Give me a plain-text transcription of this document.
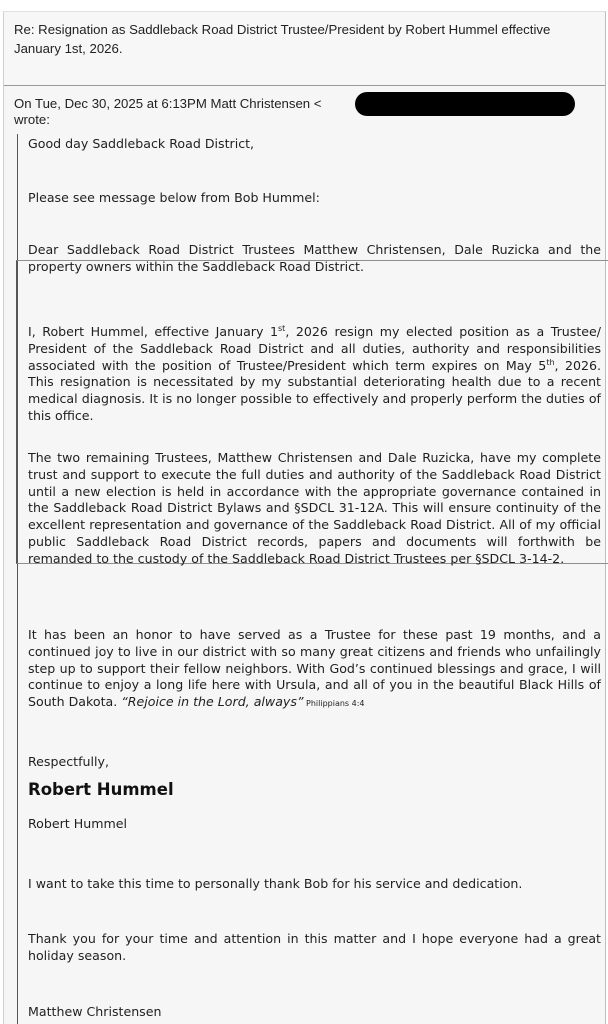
Re: Resignation as Saddleback Road District Trustee/President by Robert Hummel effective January 1st, 2026.
On Tue, Dec 30, 2025 at 6:13PM Matt Christensen <
wrote:
Good day Saddleback Road District,
Please see message below from Bob Hummel:
Dear Saddleback Road District Trustees Matthew Christensen, Dale Ruzicka and the property owners within the Saddleback Road District.
I, Robert Hummel, effective January 1st, 2026 resign my elected position as a Trustee/ President of the Saddleback Road District and all duties, authority and responsibilities associated with the position of Trustee/President which term expires on May 5th, 2026. This resignation is necessitated by my substantial deteriorating health due to a recent medical diagnosis. It is no longer possible to effectively and properly perform the duties of this office.
The two remaining Trustees, Matthew Christensen and Dale Ruzicka, have my complete trust and support to execute the full duties and authority of the Saddleback Road District until a new election is held in accordance with the appropriate governance contained in the Saddleback Road District Bylaws and §SDCL 31-12A. This will ensure continuity of the excellent representation and governance of the Saddleback Road District. All of my official public Saddleback Road District records, papers and documents will forthwith be remanded to the custody of the Saddleback Road District Trustees per §SDCL 3-14-2.
It has been an honor to have served as a Trustee for these past 19 months, and a continued joy to live in our district with so many great citizens and friends who unfailingly step up to support their fellow neighbors. With God’s continued blessings and grace, I will continue to enjoy a long life here with Ursula, and all of you in the beautiful Black Hills of South Dakota. “Rejoice in the Lord, always” Philippians 4:4
Respectfully,
Robert Hummel
Robert Hummel
I want to take this time to personally thank Bob for his service and dedication.
Thank you for your time and attention in this matter and I hope everyone had a great holiday season.
Matthew Christensen
